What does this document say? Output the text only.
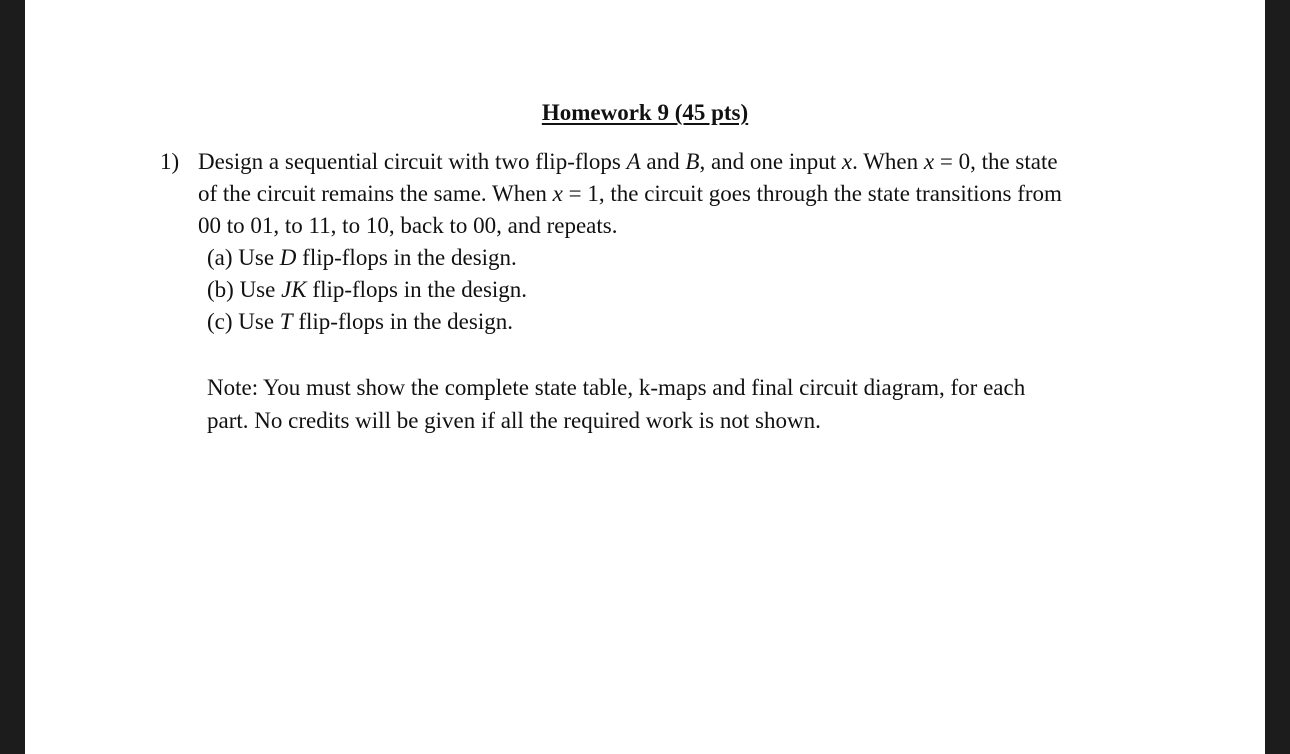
Homework 9 (45 pts)
1) Design a sequential circuit with two flip-flops A and B, and one input x. When x = 0, the state
of the circuit remains the same. When x = 1, the circuit goes through the state transitions from
00 to 01, to 11, to 10, back to 00, and repeats.
(a) Use D flip-flops in the design.
(b) Use JK flip-flops in the design.
(c) Use T flip-flops in the design.
Note: You must show the complete state table, k-maps and final circuit diagram, for each
part. No credits will be given if all the required work is not shown.
